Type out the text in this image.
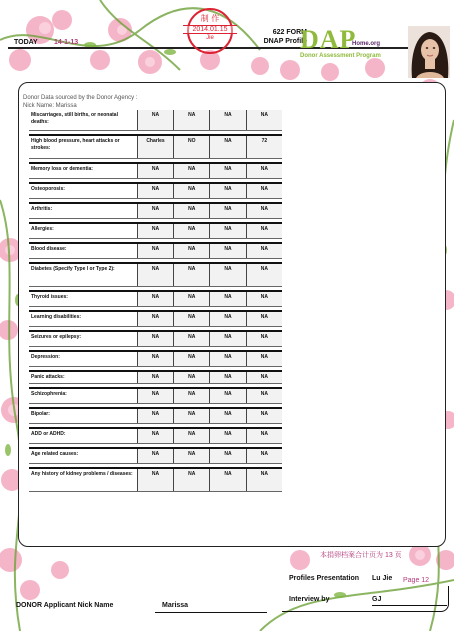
TODAY 14-1-13
制 作
2014.01.15
Jie
622 FORM
DNAP Profile
DAP
Home.org
Donor Assessment Program
Donor Data sourced by the Donor Agency :
Nick Name: Marissa
Miscarriages, still births, or neonatal deaths:	NA	NA	NA	NA

High blood pressure, heart attacks or strokes:	Charles	NO	NA	72

Memory loss or dementia:	NA	NA	NA	NA

Osteoporosis:	NA	NA	NA	NA

Arthritis:	NA	NA	NA	NA

Allergies:	NA	NA	NA	NA

Blood disease:	NA	NA	NA	NA

Diabetes (Specify Type I or Type 2):	NA	NA	NA	NA

Thyroid issues:	NA	NA	NA	NA

Learning disabilities:	NA	NA	NA	NA

Seizures or epilepsy:	NA	NA	NA	NA

Depression:	NA	NA	NA	NA

Panic attacks:	NA	NA	NA	NA

Schizophrenia:	NA	NA	NA	NA

Bipolar:	NA	NA	NA	NA

ADD or ADHD:	NA	NA	NA	NA

Age related causes:	NA	NA	NA	NA

Any history of kidney problems / diseases:	NA	NA	NA	NA
本捐卵档案合计页为 13 页
Profiles Presentation Lu Jie Page 12
Interview by	GJ
DONOR Applicant Nick Name	Marissa
